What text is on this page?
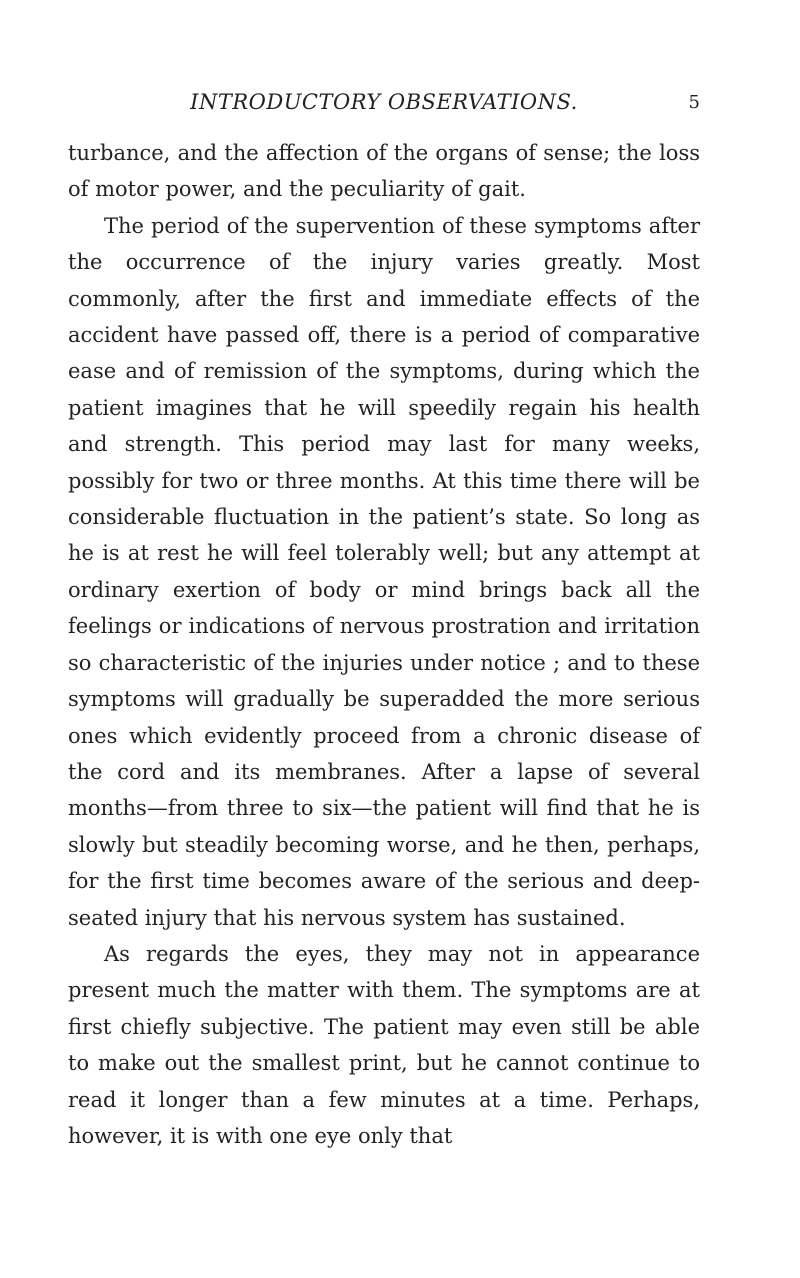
INTRODUCTORY OBSERVATIONS.	5

turbance, and the affection of the organs of sense; the loss of motor power, and the peculiarity of gait.

The period of the supervention of these symptoms after the occurrence of the injury varies greatly. Most commonly, after the first and immediate effects of the accident have passed off, there is a period of comparative ease and of remission of the symptoms, during which the patient imagines that he will speedily regain his health and strength. This period may last for many weeks, possibly for two or three months. At this time there will be considerable fluctuation in the patient’s state. So long as he is at rest he will feel tolerably well; but any attempt at ordinary exertion of body or mind brings back all the feelings or indications of nervous prostration and irritation so characteristic of the injuries under notice ; and to these symptoms will gradually be superadded the more serious ones which evidently proceed from a chronic disease of the cord and its membranes. After a lapse of several months—from three to six—the patient will find that he is slowly but steadily becoming worse, and he then, perhaps, for the first time becomes aware of the serious and deep-seated injury that his nervous system has sustained.

As regards the eyes, they may not in appearance present much the matter with them. The symptoms are at first chiefly subjective. The patient may even still be able to make out the smallest print, but he cannot continue to read it longer than a few minutes at a time. Perhaps, however, it is with one eye only that
